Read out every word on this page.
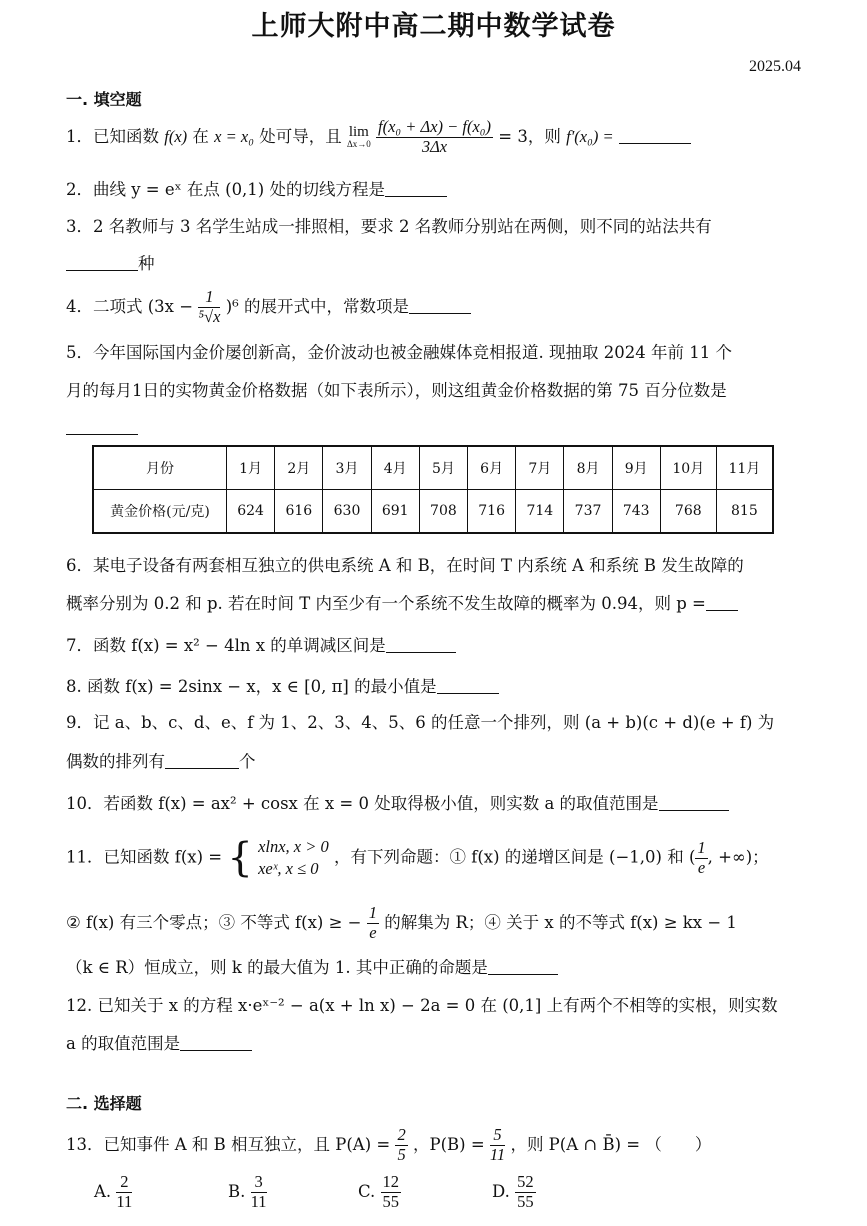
上师大附中高二期中数学试卷
2025.04
一. 填空题
1．已知函数 f(x) 在 x = x₀ 处可导，且 lim
Δx→0
$\frac{\text{f(x₀ + Δx) − f(x₀)}}{3\Delta x} = 3$，则 f′(x₀) =
2．曲线 y = eˣ 在点 (0,1) 处的切线方程是
3．2 名教师与 3 名学生站成一排照相，要求 2 名教师分别站在两侧，则不同的站法共有
种
4．二项式 $(3x - \frac{1}{\text{⁵√x}} )^6$ 的展开式中，常数项是
5．今年国际国内金价屡创新高，金价波动也被金融媒体竞相报道. 现抽取 2024 年前 11 个
月的每月1日的实物黄金价格数据（如下表所示），则这组黄金价格数据的第 75 百分位数是
月份	1月	2月	3月	4月	5月	6月	7月	8月	9月	10月	11月
黄金价格(元/克)	624	616	630	691	708	716	714	737	743	768	815
6．某电子设备有两套相互独立的供电系统 A 和 B，在时间 T 内系统 A 和系统 B 发生故障的
概率分别为 0.2 和 p. 若在时间 T 内至少有一个系统不发生故障的概率为 0.94，则 p =
7．函数 f(x) = x² − 4ln x 的单调减区间是
8. 函数 f(x) = 2sinx − x，x ∈ [0, π] 的最小值是
9．记 a、b、c、d、e、f 为 1、2、3、4、5、6 的任意一个排列，则 (a + b)(c + d)(e + f) 为
偶数的排列有	个
10．若函数 f(x) = ax² + cosx 在 x = 0 处取得极小值，则实数 a 的取值范围是
11．已知函数 f(x) = { xlnx, x > 0
xeˣ, x ≤ 0
，有下列命题：① f(x) 的递增区间是 (−1,0) 和 ( $\frac{1}{e}$ , +∞)；
② f(x) 有三个零点；③ 不等式 f(x) ≥ − $\frac{1}{e}$ 的解集为 R；④ 关于 x 的不等式 f(x) ≥ kx − 1
（k ∈ R）恒成立，则 k 的最大值为 1. 其中正确的命题是
12. 已知关于 x 的方程 x·eˣ⁻² − a(x + ln x) − 2a = 0 在 (0,1] 上有两个不相等的实根，则实数
a 的取值范围是
二. 选择题
13．已知事件 A 和 B 相互独立，且 $P(A) = \frac{2}{5}$ ，$P(B) = \frac{5}{11}$ ，则 P(A ∩ B̄) = （　　）
A. $\frac{2}{11}$	B. $\frac{3}{11}$	C. $\frac{12}{55}$	D. $\frac{52}{55}$
